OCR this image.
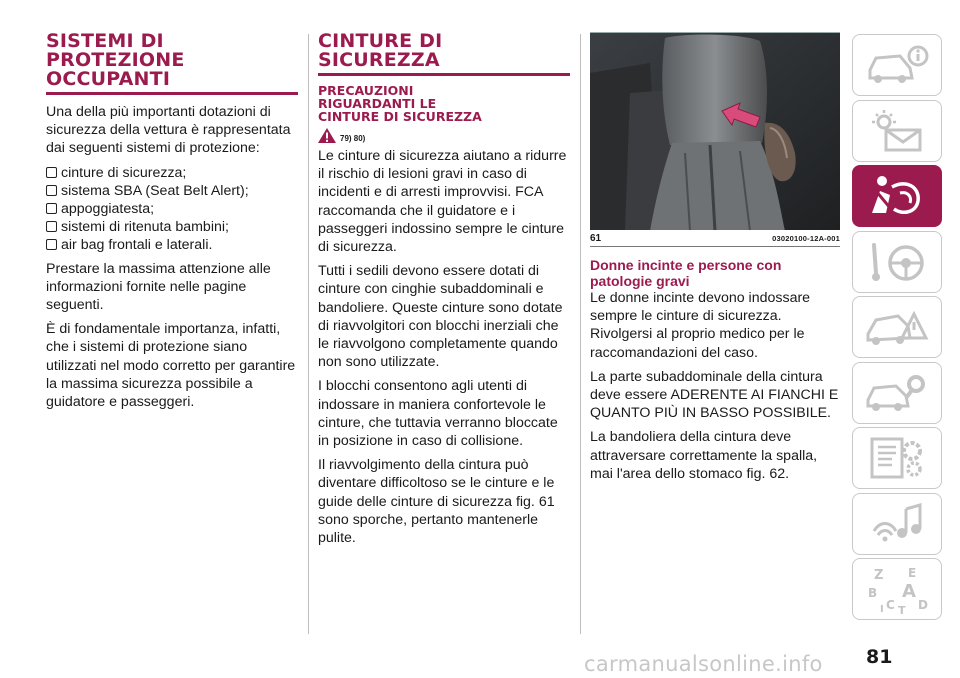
SISTEMI DI
PROTEZIONE
OCCUPANTI

Una della più importanti dotazioni di sicurezza della vettura è rappresentata dai seguenti sistemi di protezione:

cinture di sicurezza;
sistema SBA (Seat Belt Alert);
appoggiatesta;
sistemi di ritenuta bambini;
air bag frontali e laterali.

Prestare la massima attenzione alle informazioni fornite nelle pagine seguenti.

È di fondamentale importanza, infatti, che i sistemi di protezione siano utilizzati nel modo corretto per garantire la massima sicurezza possibile a guidatore e passeggeri.

CINTURE DI
SICUREZZA
PRECAUZIONI
RIGUARDANTI LE
CINTURE DI SICUREZZA
79) 80)

Le cinture di sicurezza aiutano a ridurre il rischio di lesioni gravi in caso di incidenti e di arresti improvvisi. FCA raccomanda che il guidatore e i passeggeri indossino sempre le cinture di sicurezza.

Tutti i sedili devono essere dotati di cinture con cinghie subaddominali e bandoliere. Queste cinture sono dotate di riavvolgitori con blocchi inerziali che le riavvolgono completamente quando non sono utilizzate.

I blocchi consentono agli utenti di indossare in maniera confortevole le cinture, che tuttavia verranno bloccate in posizione in caso di collisione.

Il riavvolgimento della cintura può diventare difficoltoso se le cinture e le guide delle cinture di sicurezza fig. 61 sono sporche, pertanto mantenerle pulite.

61	03020100-12A-001
Donne incinte e persone con
patologie gravi

Le donne incinte devono indossare sempre le cinture di sicurezza. Rivolgersi al proprio medico per le raccomandazioni del caso.

La parte subaddominale della cintura deve essere ADERENTE AI FIANCHI E QUANTO PIÙ IN BASSO POSSIBILE.

La bandoliera della cintura deve attraversare correttamente la spalla, mai l'area dello stomaco fig. 62.

Z E
B A
C D
T
I
81
carmanualsonline.info
